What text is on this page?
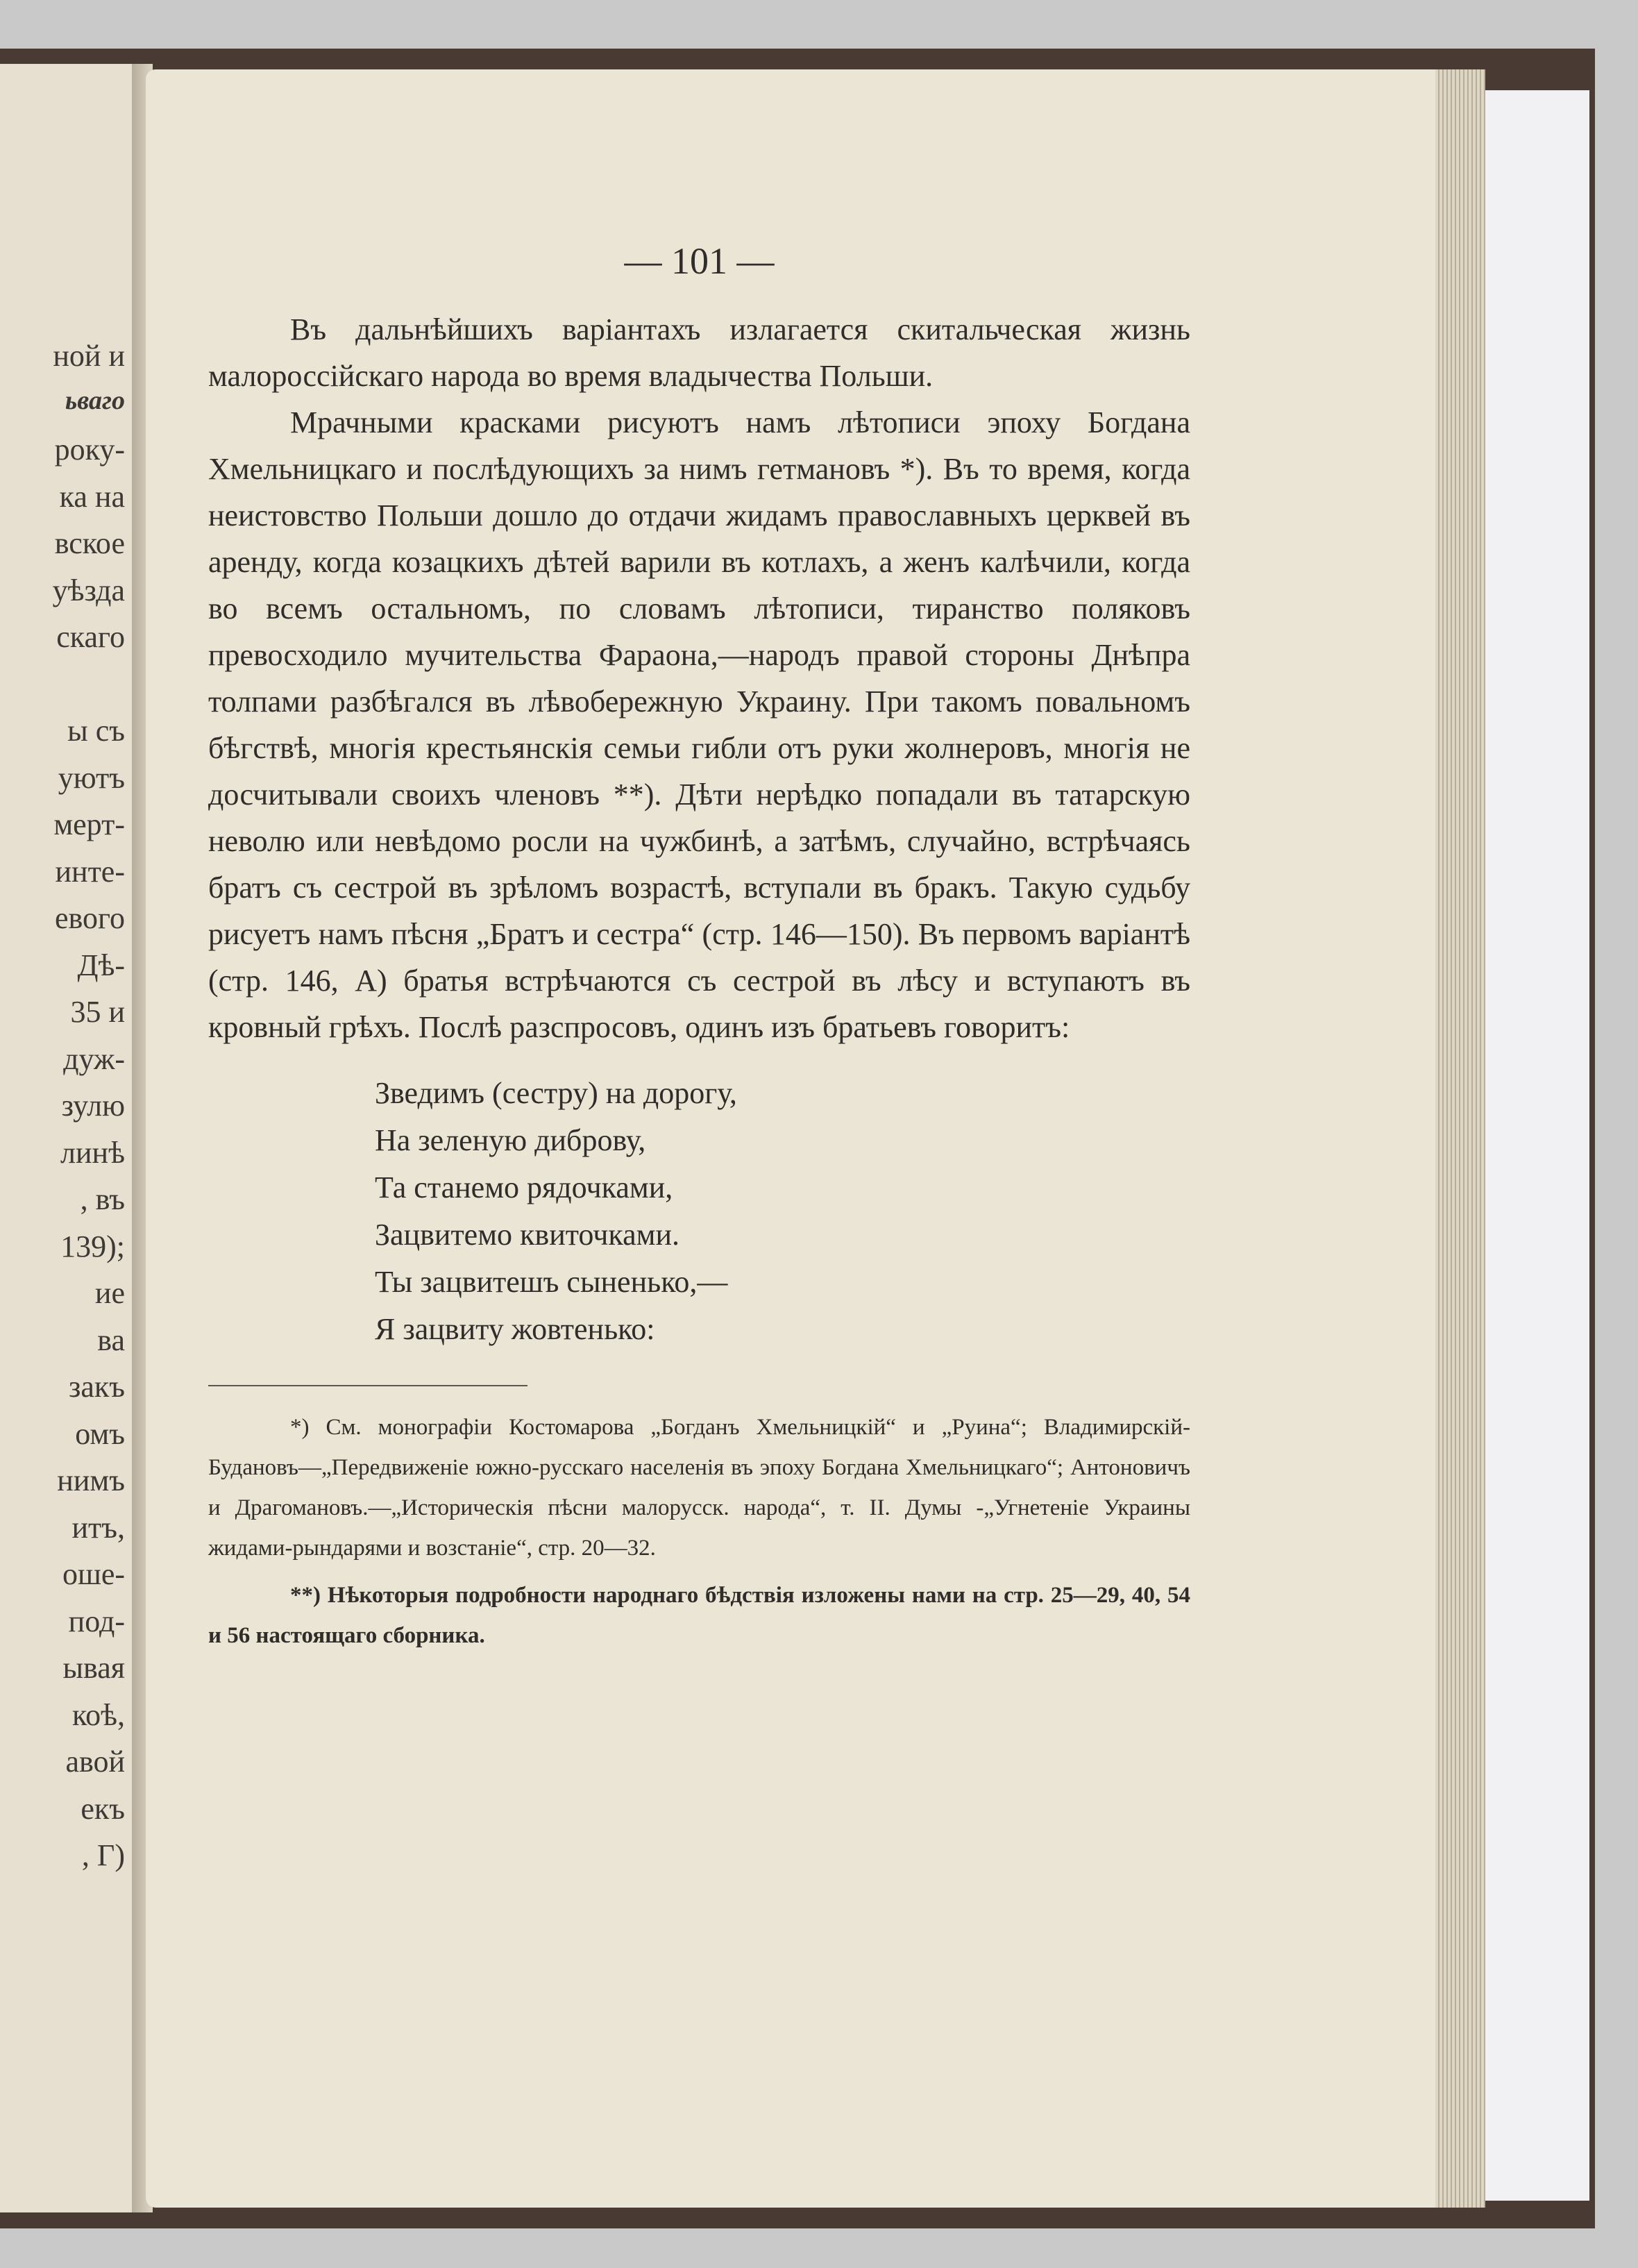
ной и
ьваго
року-
ка на
вское
уѣзда
скаго
ы съ
уютъ
мерт-
инте-
евого
Дѣ-
35 и
дуж-
зулю
линѣ
, въ
139);
ие
ва
закъ
омъ
нимъ
итъ,
оше-
под-
ывая
коѣ,
авой
екъ
, Г)
— 101 —

Въ дальнѣйшихъ варіантахъ излагается скитальческая жизнь малороссійскаго народа во время владычества Польши.

Мрачными красками рисуютъ намъ лѣтописи эпоху Богдана Хмельницкаго и послѣдующихъ за нимъ гетмановъ *). Въ то время, когда неистовство Польши дошло до отдачи жидамъ православныхъ церквей въ аренду, когда козацкихъ дѣтей варили въ котлахъ, а женъ калѣчили, когда во всемъ остальномъ, по словамъ лѣтописи, тиранство поляковъ превосходило мучительства Фараона,—народъ правой стороны Днѣпра толпами разбѣгался въ лѣвобережную Украину. При такомъ повальномъ бѣгствѣ, многія крестьянскія семьи гибли отъ руки жолнеровъ, многія не досчитывали своихъ членовъ **). Дѣти нерѣдко попадали въ татарскую неволю или невѣдомо росли на чужбинѣ, а затѣмъ, случайно, встрѣчаясь братъ съ сестрой въ зрѣломъ возрастѣ, вступали въ бракъ. Такую судьбу рисуетъ намъ пѣсня „Братъ и сестра“ (стр. 146—150). Въ первомъ варіантѣ (стр. 146, А) братья встрѣчаются съ сестрой въ лѣсу и вступаютъ въ кровный грѣхъ. Послѣ разспросовъ, одинъ изъ братьевъ говоритъ:

Зведимъ (сестру) на дорогу,
На зеленую диброву,
Та станемо рядочками,
Зацвитемо квиточками.
Ты зацвитешъ сыненько,—
Я зацвиту жовтенько:

*) См. монографіи Костомарова „Богданъ Хмельницкій“ и „Руина“; Владимирскій-Будановъ—„Передвиженіе южно-русскаго населенія въ эпоху Богдана Хмельницкаго“; Антоновичъ и Драгомановъ.—„Историческія пѣсни малорусск. народа“, т. II. Думы -„Угнетеніе Украины жидами-рындарями и возстаніе“, стр. 20—32.

**) Нѣкоторыя подробности народнаго бѣдствія изложены нами на стр. 25—29, 40, 54 и 56 настоящаго сборника.
